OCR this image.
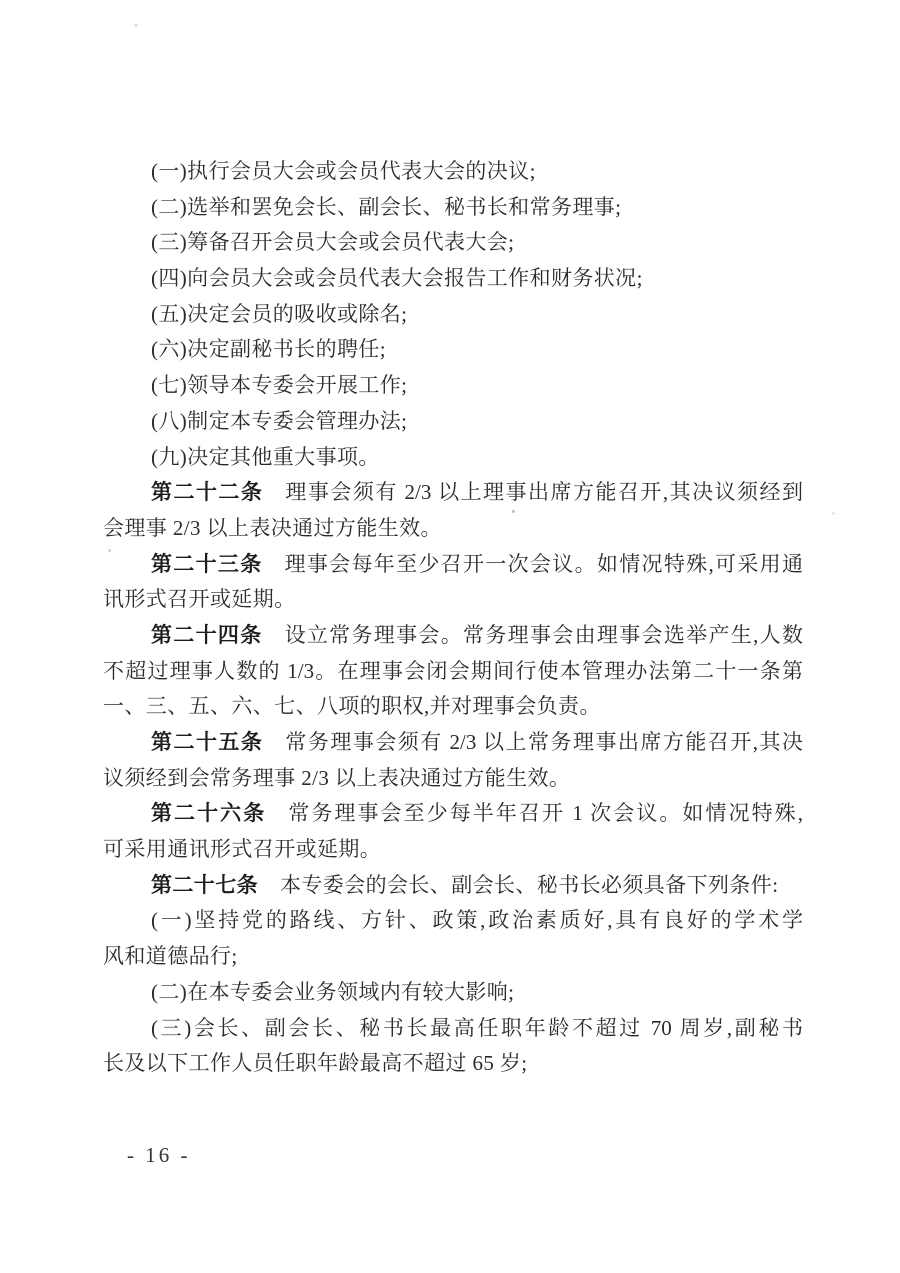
(一)执行会员大会或会员代表大会的决议;
(二)选举和罢免会长、副会长、秘书长和常务理事;
(三)筹备召开会员大会或会员代表大会;
(四)向会员大会或会员代表大会报告工作和财务状况;
(五)决定会员的吸收或除名;
(六)决定副秘书长的聘任;
(七)领导本专委会开展工作;
(八)制定本专委会管理办法;
(九)决定其他重大事项。
第二十二条 理事会须有 2/3 以上理事出席方能召开,其决议须经到
会理事 2/3 以上表决通过方能生效。
第二十三条 理事会每年至少召开一次会议。如情况特殊,可采用通
讯形式召开或延期。
第二十四条 设立常务理事会。常务理事会由理事会选举产生,人数
不超过理事人数的 1/3。在理事会闭会期间行使本管理办法第二十一条第
一、三、五、六、七、八项的职权,并对理事会负责。
第二十五条 常务理事会须有 2/3 以上常务理事出席方能召开,其决
议须经到会常务理事 2/3 以上表决通过方能生效。
第二十六条 常务理事会至少每半年召开 1 次会议。如情况特殊,
可采用通讯形式召开或延期。
第二十七条 本专委会的会长、副会长、秘书长必须具备下列条件:
(一)坚持党的路线、方针、政策,政治素质好,具有良好的学术学
风和道德品行;
(二)在本专委会业务领域内有较大影响;
(三)会长、副会长、秘书长最高任职年龄不超过 70 周岁,副秘书
长及以下工作人员任职年龄最高不超过 65 岁;
- 16 -
